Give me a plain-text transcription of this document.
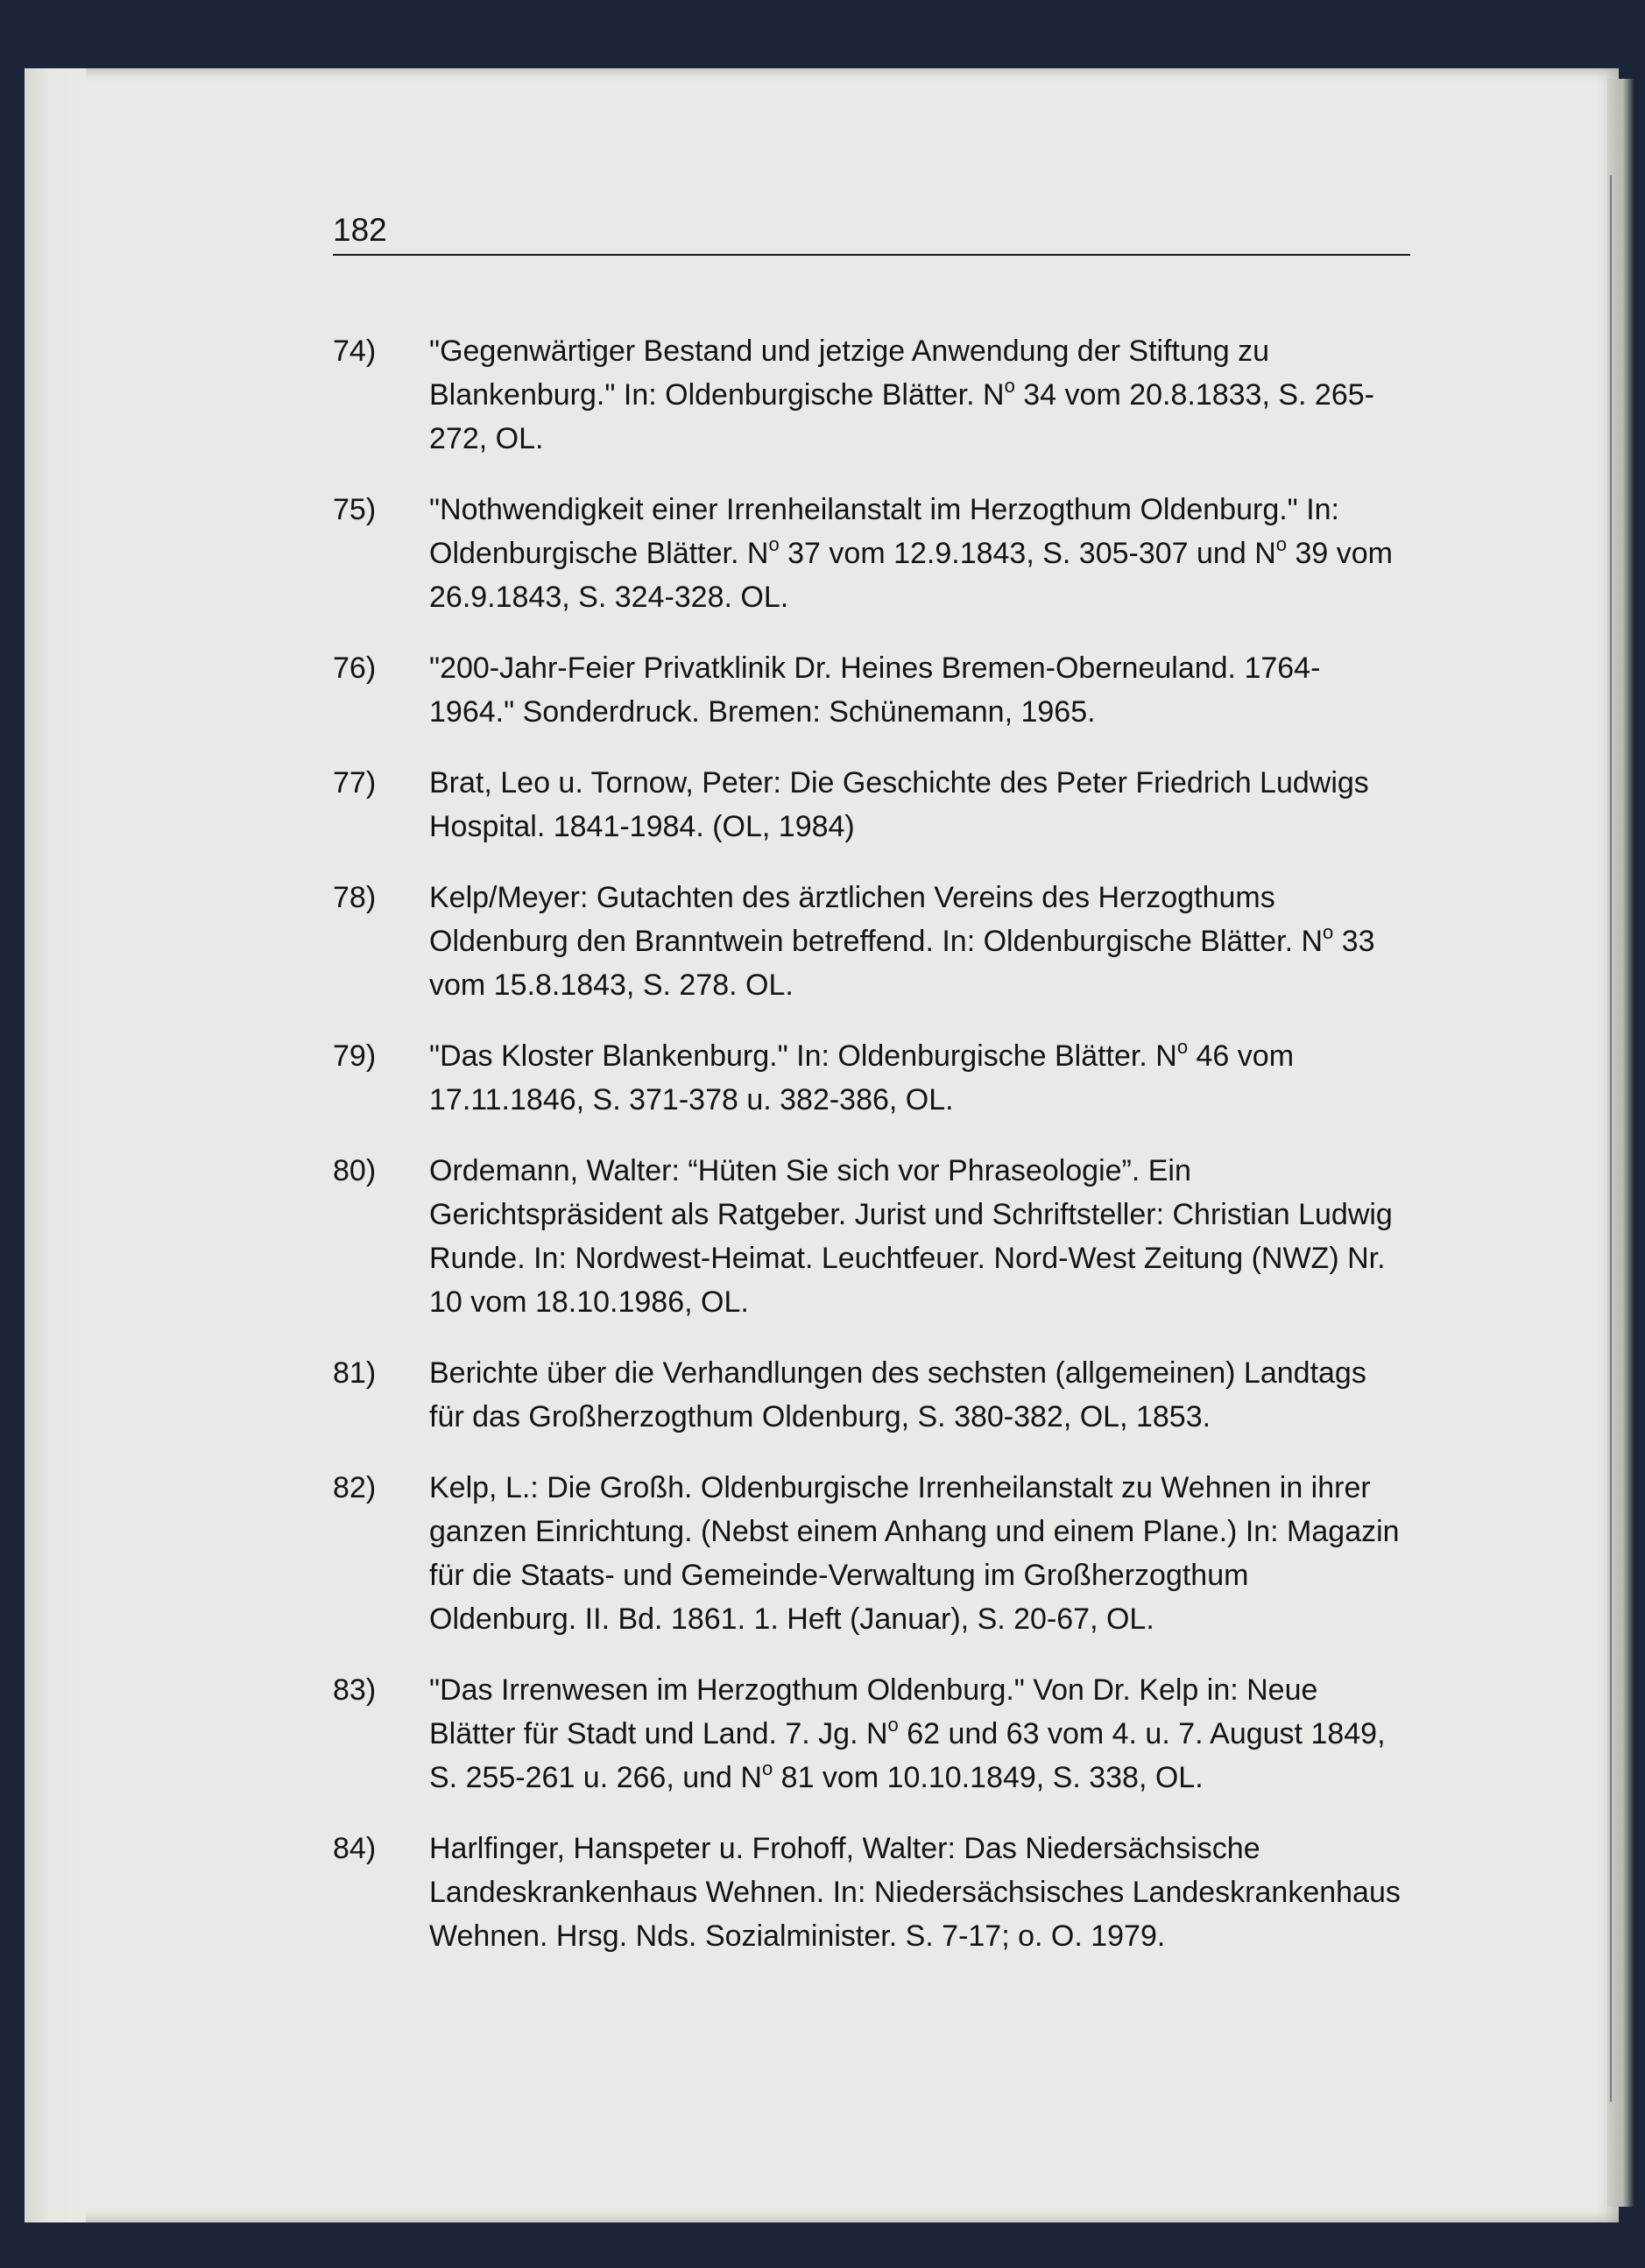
182
74)	"Gegenwärtiger Bestand und jetzige Anwendung der Stiftung zu Blankenburg." In: Oldenburgische Blätter. $N^o$ 34 vom 20.8.1833, S. 265-272, OL.
75)	"Nothwendigkeit einer Irrenheilanstalt im Herzogthum Oldenburg." In: Oldenburgische Blätter. $N^o$ 37 vom 12.9.1843, S. 305-307 und $N^o$ 39 vom 26.9.1843, S. 324-328. OL.
76)	"200-Jahr-Feier Privatklinik Dr. Heines Bremen-Oberneuland. 1764-1964." Sonderdruck. Bremen: Schünemann, 1965.
77)	Brat, Leo u. Tornow, Peter: Die Geschichte des Peter Friedrich Ludwigs Hospital. 1841-1984. (OL, 1984)
78)	Kelp/Meyer: Gutachten des ärztlichen Vereins des Herzogthums Oldenburg den Branntwein betreffend. In: Oldenburgische Blätter. $N^o$ 33 vom 15.8.1843, S. 278. OL.
79)	"Das Kloster Blankenburg." In: Oldenburgische Blätter. $N^o$ 46 vom 17.11.1846, S. 371-378 u. 382-386, OL.
80)	Ordemann, Walter: “Hüten Sie sich vor Phraseologie”. Ein Gerichtspräsident als Ratgeber. Jurist und Schriftsteller: Christian Ludwig Runde. In: Nordwest-Heimat. Leuchtfeuer. Nord-West Zeitung (NWZ) Nr. 10 vom 18.10.1986, OL.
81)	Berichte über die Verhandlungen des sechsten (allgemeinen) Landtags für das Großherzogthum Oldenburg, S. 380-382, OL, 1853.
82)	Kelp, L.: Die Großh. Oldenburgische Irrenheilanstalt zu Wehnen in ihrer ganzen Einrichtung. (Nebst einem Anhang und einem Plane.) In: Magazin für die Staats- und Gemeinde-Verwaltung im Großherzogthum Oldenburg. II. Bd. 1861. 1. Heft (Januar), S. 20-67, OL.
83)	"Das Irrenwesen im Herzogthum Oldenburg." Von Dr. Kelp in: Neue Blätter für Stadt und Land. 7. Jg. $N^o$ 62 und 63 vom 4. u. 7. August 1849, S. 255-261 u. 266, und $N^o$ 81 vom 10.10.1849, S. 338, OL.
84)	Harlfinger, Hanspeter u. Frohoff, Walter: Das Niedersächsische Landeskrankenhaus Wehnen. In: Niedersächsisches Landeskrankenhaus Wehnen. Hrsg. Nds. Sozialminister. S. 7-17; o. O. 1979.
